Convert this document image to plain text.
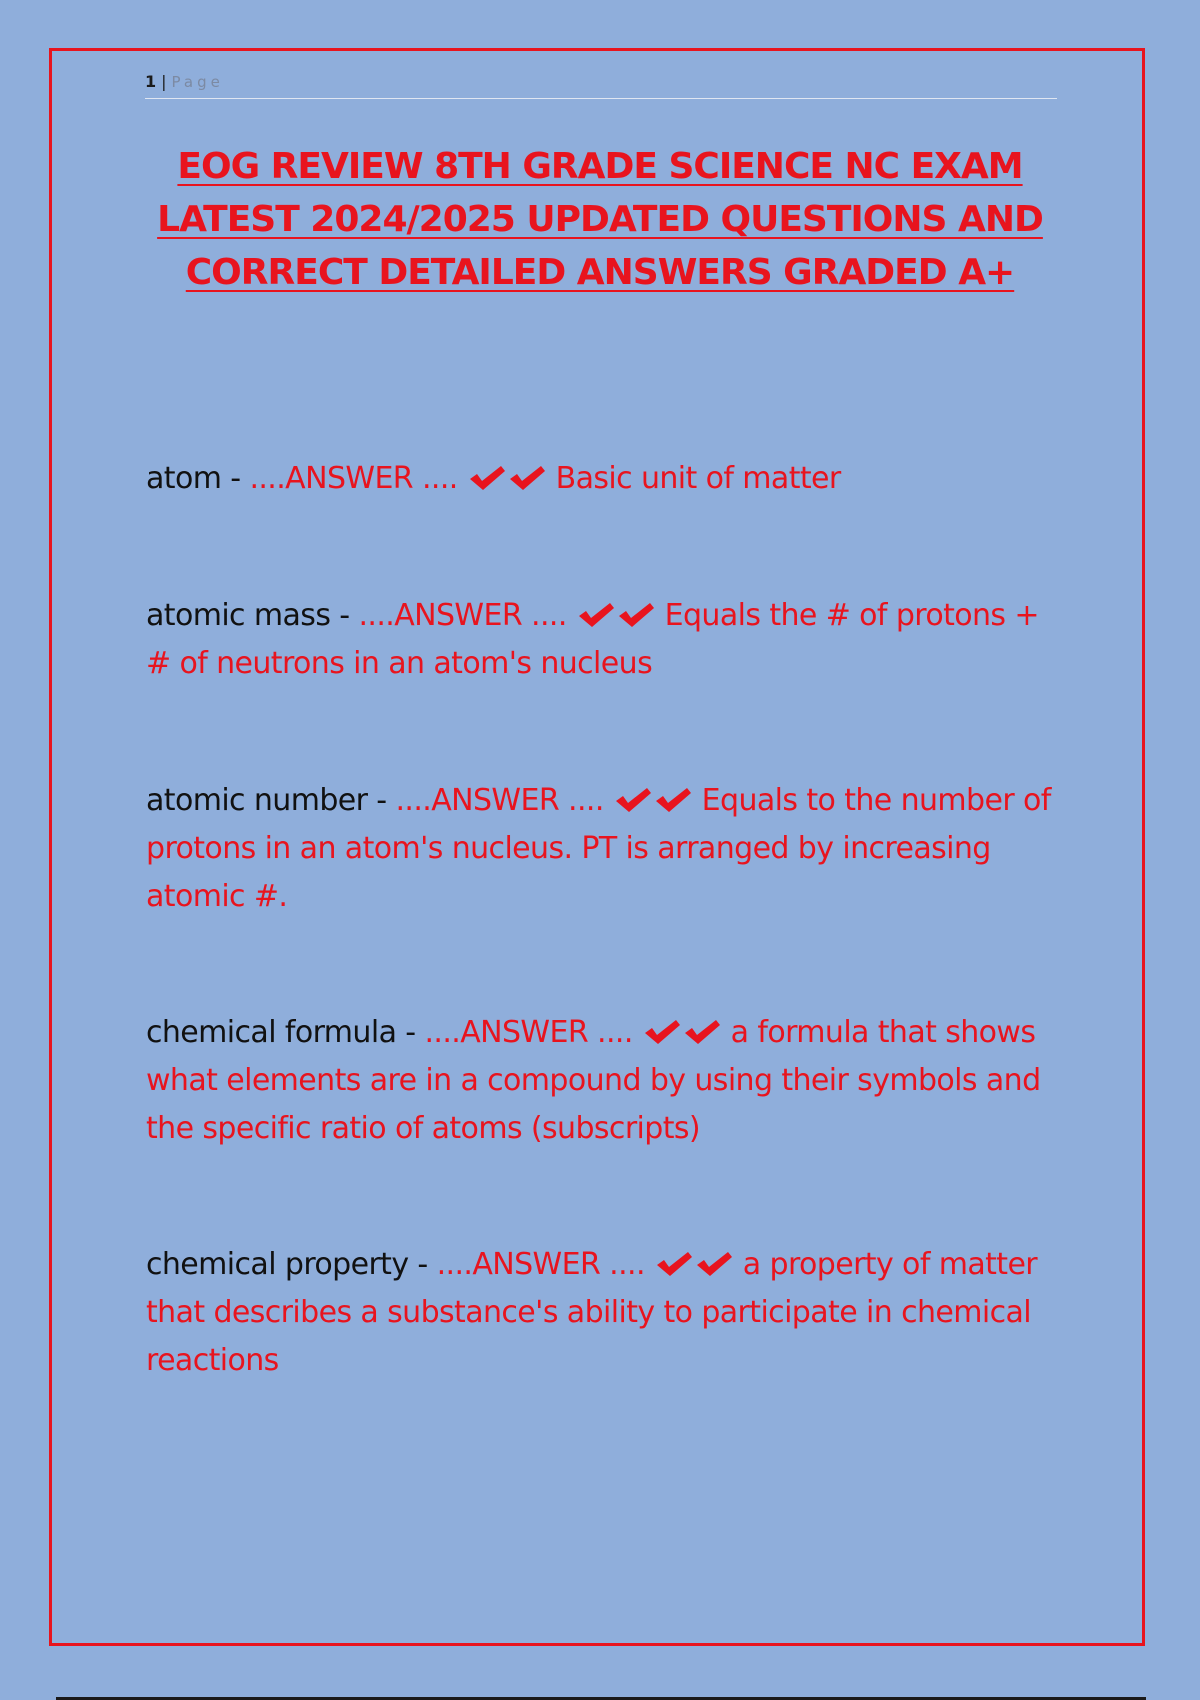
1 | Page
EOG REVIEW 8TH GRADE SCIENCE NC EXAM LATEST 2024/2025 UPDATED QUESTIONS AND CORRECT DETAILED ANSWERS GRADED A+
atom - ....ANSWER ....	Basic unit of matter
atomic mass - ....ANSWER ....	Equals the # of protons + # of neutrons in an atom's nucleus
atomic number - ....ANSWER ....	Equals to the number of protons in an atom's nucleus. PT is arranged by increasing atomic #.
chemical formula - ....ANSWER ....	a formula that shows what elements are in a compound by using their symbols and the specific ratio of atoms (subscripts)
chemical property - ....ANSWER ....	a property of matter that describes a substance's ability to participate in chemical reactions
